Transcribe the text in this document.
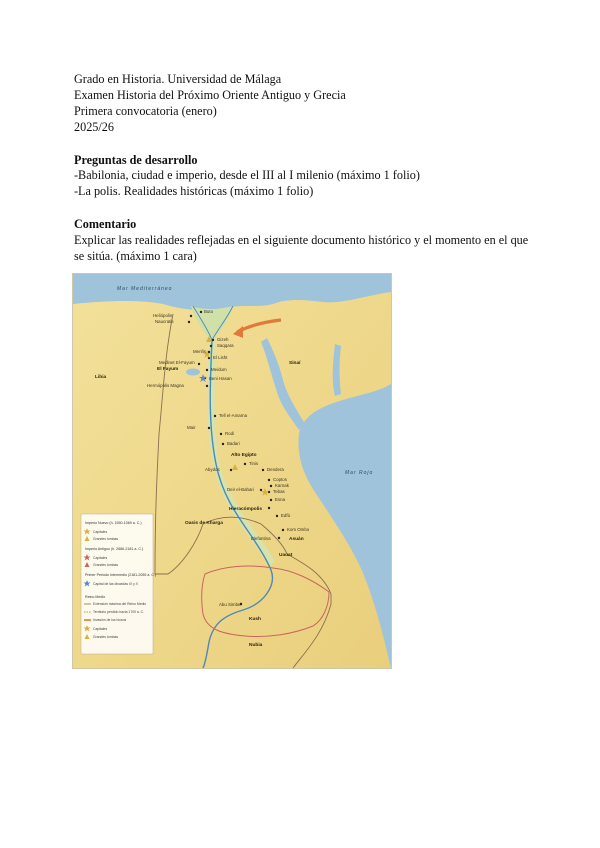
Grado en Historia. Universidad de Málaga
Examen Historia del Próximo Oriente Antiguo y Grecia
Primera convocatoria (enero)
2025/26
Preguntas de desarrollo
-Babilonia, ciudad e imperio, desde el III al I milenio (máximo 1 folio)
-La polis. Realidades históricas (máximo 1 folio)
Comentario
Explicar las realidades reflejadas en el siguiente documento histórico y el momento en el que
se sitúa. (máximo 1 cara)
Mar Mediterráneo
Mar Rojo
Libia
Sinaí
Alto Egipto
Oasis de Kharga
Uauat
Kush
Nubia
El Fayum
Heliópolis
Naucratis
Buto
Gizeh
Saqqara
Menfis
El Lisht
Medinet El-Fayum
Meidum
Beni Hasan
Hermópolis Magna
Mair
Tell el-Amarna
Rodi
Badari
Abydos
Tinis
Dendera
Coptos
Karnak
Tebas
Deir el-Bahari
Esna
Hieracómpolis
Edfú
Kom Ombo
Elefantina	Asuán
Abu Simbel
Imperio Nuevo (h. 1550-1069 a. C.)
Capitales
Grandes tumbas
Imperio Antiguo (h. 2686-2181 a. C.)
Capitales
Grandes tumbas
Primer Periodo Intermedio (2181-2055 a. C.)
Capital de las dinastías IX y X
Reino Medio
Extensión máxima del Reino Medio
Territorio perdido hacia 1700 a. C.
Invasión de los hicsos
Capitales
Grandes tumbas
